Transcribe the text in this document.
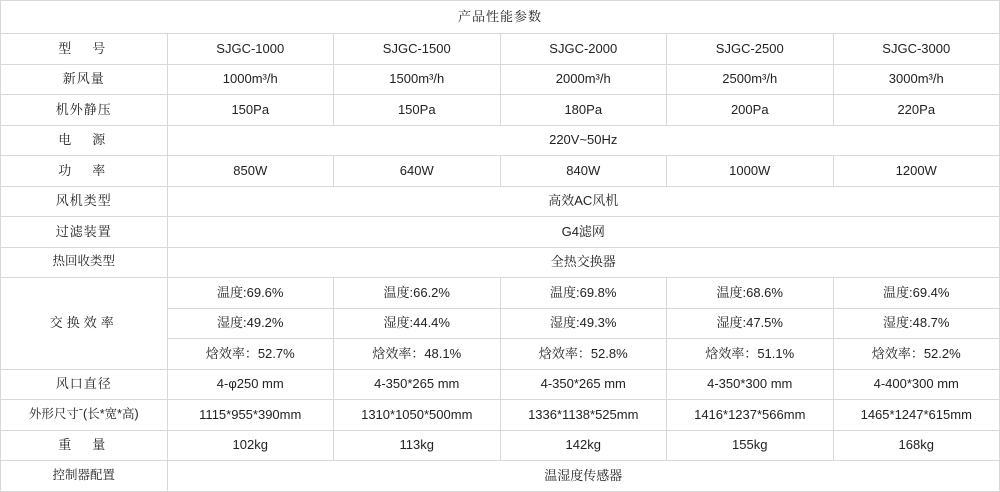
产品性能参数					
型　号	SJGC-1000	SJGC-1500	SJGC-2000	SJGC-2500	SJGC-3000
新风量	1000m³/h	1500m³/h	2000m³/h	2500m³/h	3000m³/h
机外静压	150Pa	150Pa	180Pa	200Pa	220Pa
电　源	220V~50Hz				
功　率	850W	640W	840W	1000W	1200W
风机类型	高效AC风机				
过滤装置	G4滤网				
热回收类型	全热交换器				
交换效率	温度:69.6%	温度:66.2%	温度:69.8%	温度:68.6%	温度:69.4%
	湿度:49.2%	湿度:44.4%	湿度:49.3%	湿度:47.5%	湿度:48.7%
	焓效率：52.7%	焓效率：48.1%	焓效率：52.8%	焓效率：51.1%	焓效率：52.2%
风口直径	4-φ250 mm	4-350*265 mm	4-350*265 mm	4-350*300 mm	4-400*300 mm
外形尺寸ˉ(长*宽*高)	1115*955*390mm	1310*1050*500mm	1336*1138*525mm	1416*1237*566mm	1465*1247*615mm
重　量	102kg	113kg	142kg	155kg	168kg
控制器配置	温湿度传感器				
